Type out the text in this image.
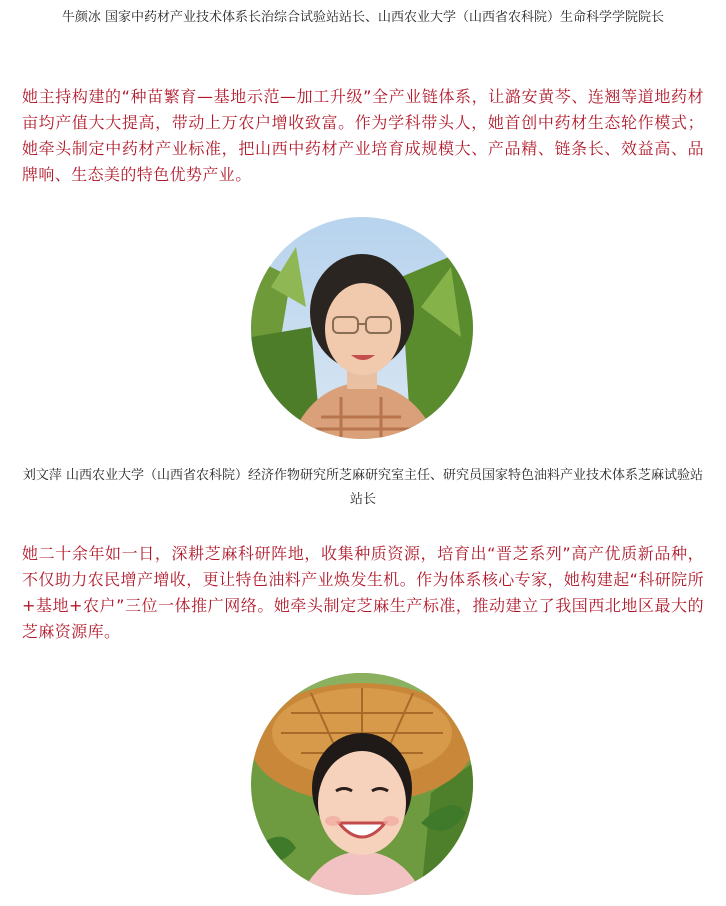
牛颜冰 国家中药材产业技术体系长治综合试验站站长、山西农业大学（山西省农科院）生命科学学院院长
她主持构建的“种苗繁育—基地示范—加工升级”全产业链体系，让潞安黄芩、连翘等道地药材亩均产值大大提高，带动上万农户增收致富。作为学科带头人，她首创中药材生态轮作模式；她牵头制定中药材产业标准，把山西中药材产业培育成规模大、产品精、链条长、效益高、品牌响、生态美的特色优势产业。
刘文萍 山西农业大学（山西省农科院）经济作物研究所芝麻研究室主任、研究员国家特色油料产业技术体系芝麻试验站站长
她二十余年如一日，深耕芝麻科研阵地，收集种质资源，培育出“晋芝系列”高产优质新品种，不仅助力农民增产增收，更让特色油料产业焕发生机。作为体系核心专家，她构建起“科研院所+基地+农户”三位一体推广网络。她牵头制定芝麻生产标准，推动建立了我国西北地区最大的芝麻资源库。
